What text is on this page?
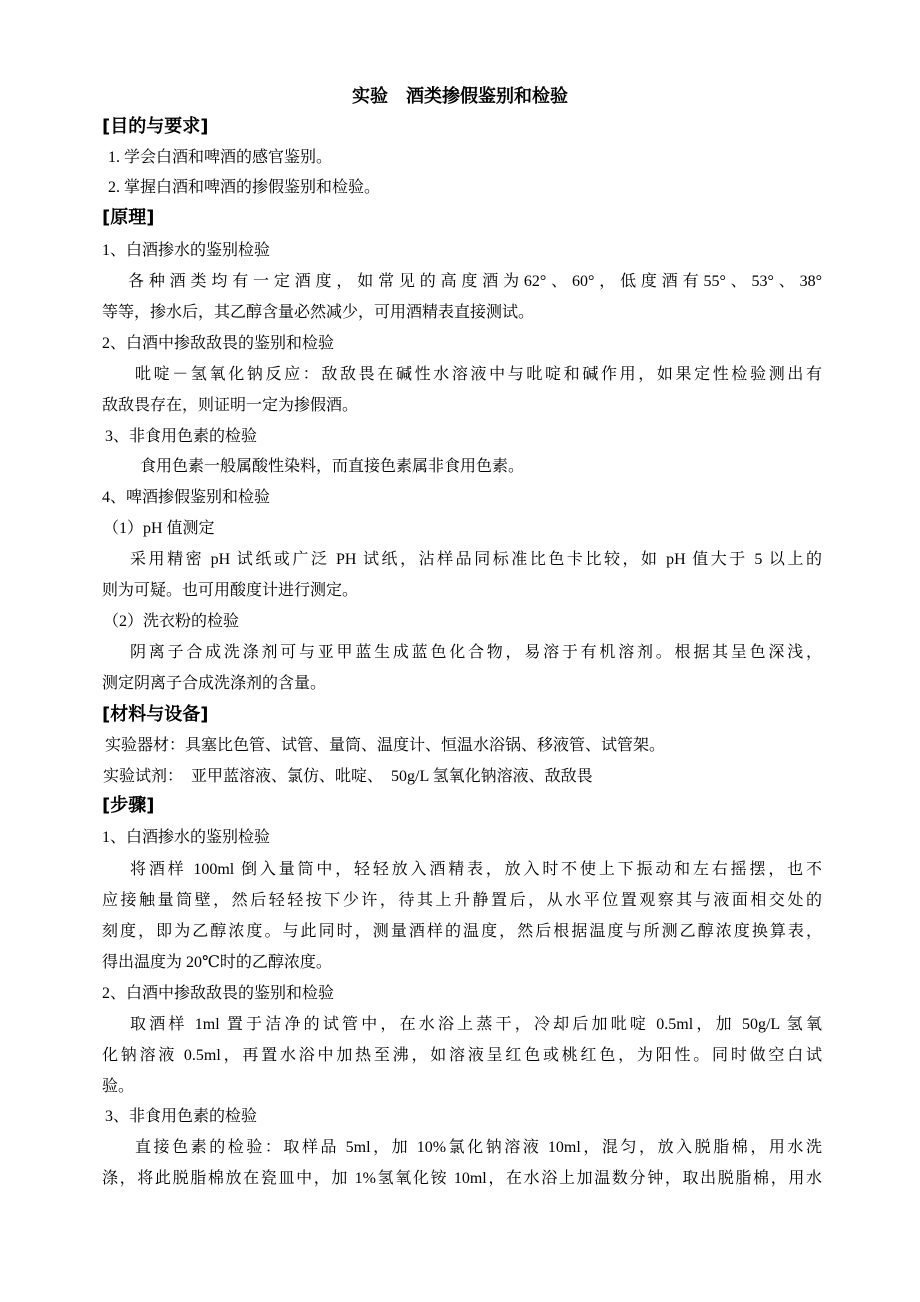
实验　酒类掺假鉴别和检验
[目的与要求]
1. 学会白酒和啤酒的感官鉴别。
2. 掌握白酒和啤酒的掺假鉴别和检验。
[原理]
1、白酒掺水的鉴别检验
各种酒类均有一定酒度，如常见的高度酒为62°、60°，低度酒有55°、53°、38°
等等，掺水后，其乙醇含量必然减少，可用酒精表直接测试。
2、白酒中掺敌敌畏的鉴别和检验
吡啶－氢氧化钠反应：敌敌畏在碱性水溶液中与吡啶和碱作用，如果定性检验测出有
敌敌畏存在，则证明一定为掺假酒。
3、非食用色素的检验
食用色素一般属酸性染料，而直接色素属非食用色素。
4、啤酒掺假鉴别和检验
（1）pH 值测定
采用精密 pH 试纸或广泛 PH 试纸，沾样品同标准比色卡比较，如 pH 值大于 5 以上的
则为可疑。也可用酸度计进行测定。
（2）洗衣粉的检验
阴离子合成洗涤剂可与亚甲蓝生成蓝色化合物，易溶于有机溶剂。根据其呈色深浅，
测定阴离子合成洗涤剂的含量。
[材料与设备]
实验器材：具塞比色管、试管、量筒、温度计、恒温水浴锅、移液管、试管架。
实验试剂：　亚甲蓝溶液、氯仿、吡啶、　50g/L 氢氧化钠溶液、敌敌畏
[步骤]
1、白酒掺水的鉴别检验
将酒样 100ml 倒入量筒中，轻轻放入酒精表，放入时不使上下振动和左右摇摆，也不
应接触量筒壁，然后轻轻按下少许，待其上升静置后，从水平位置观察其与液面相交处的
刻度，即为乙醇浓度。与此同时，测量酒样的温度，然后根据温度与所测乙醇浓度换算表，
得出温度为 20℃时的乙醇浓度。
2、白酒中掺敌敌畏的鉴别和检验
取酒样 1ml 置于洁净的试管中，在水浴上蒸干，冷却后加吡啶 0.5ml，加 50g/L 氢氧
化钠溶液 0.5ml，再置水浴中加热至沸，如溶液呈红色或桃红色，为阳性。同时做空白试
验。
3、非食用色素的检验
直接色素的检验：取样品 5ml，加 10%氯化钠溶液 10ml，混匀，放入脱脂棉，用水洗
涤，将此脱脂棉放在瓷皿中，加 1%氢氧化铵 10ml，在水浴上加温数分钟，取出脱脂棉，用水
